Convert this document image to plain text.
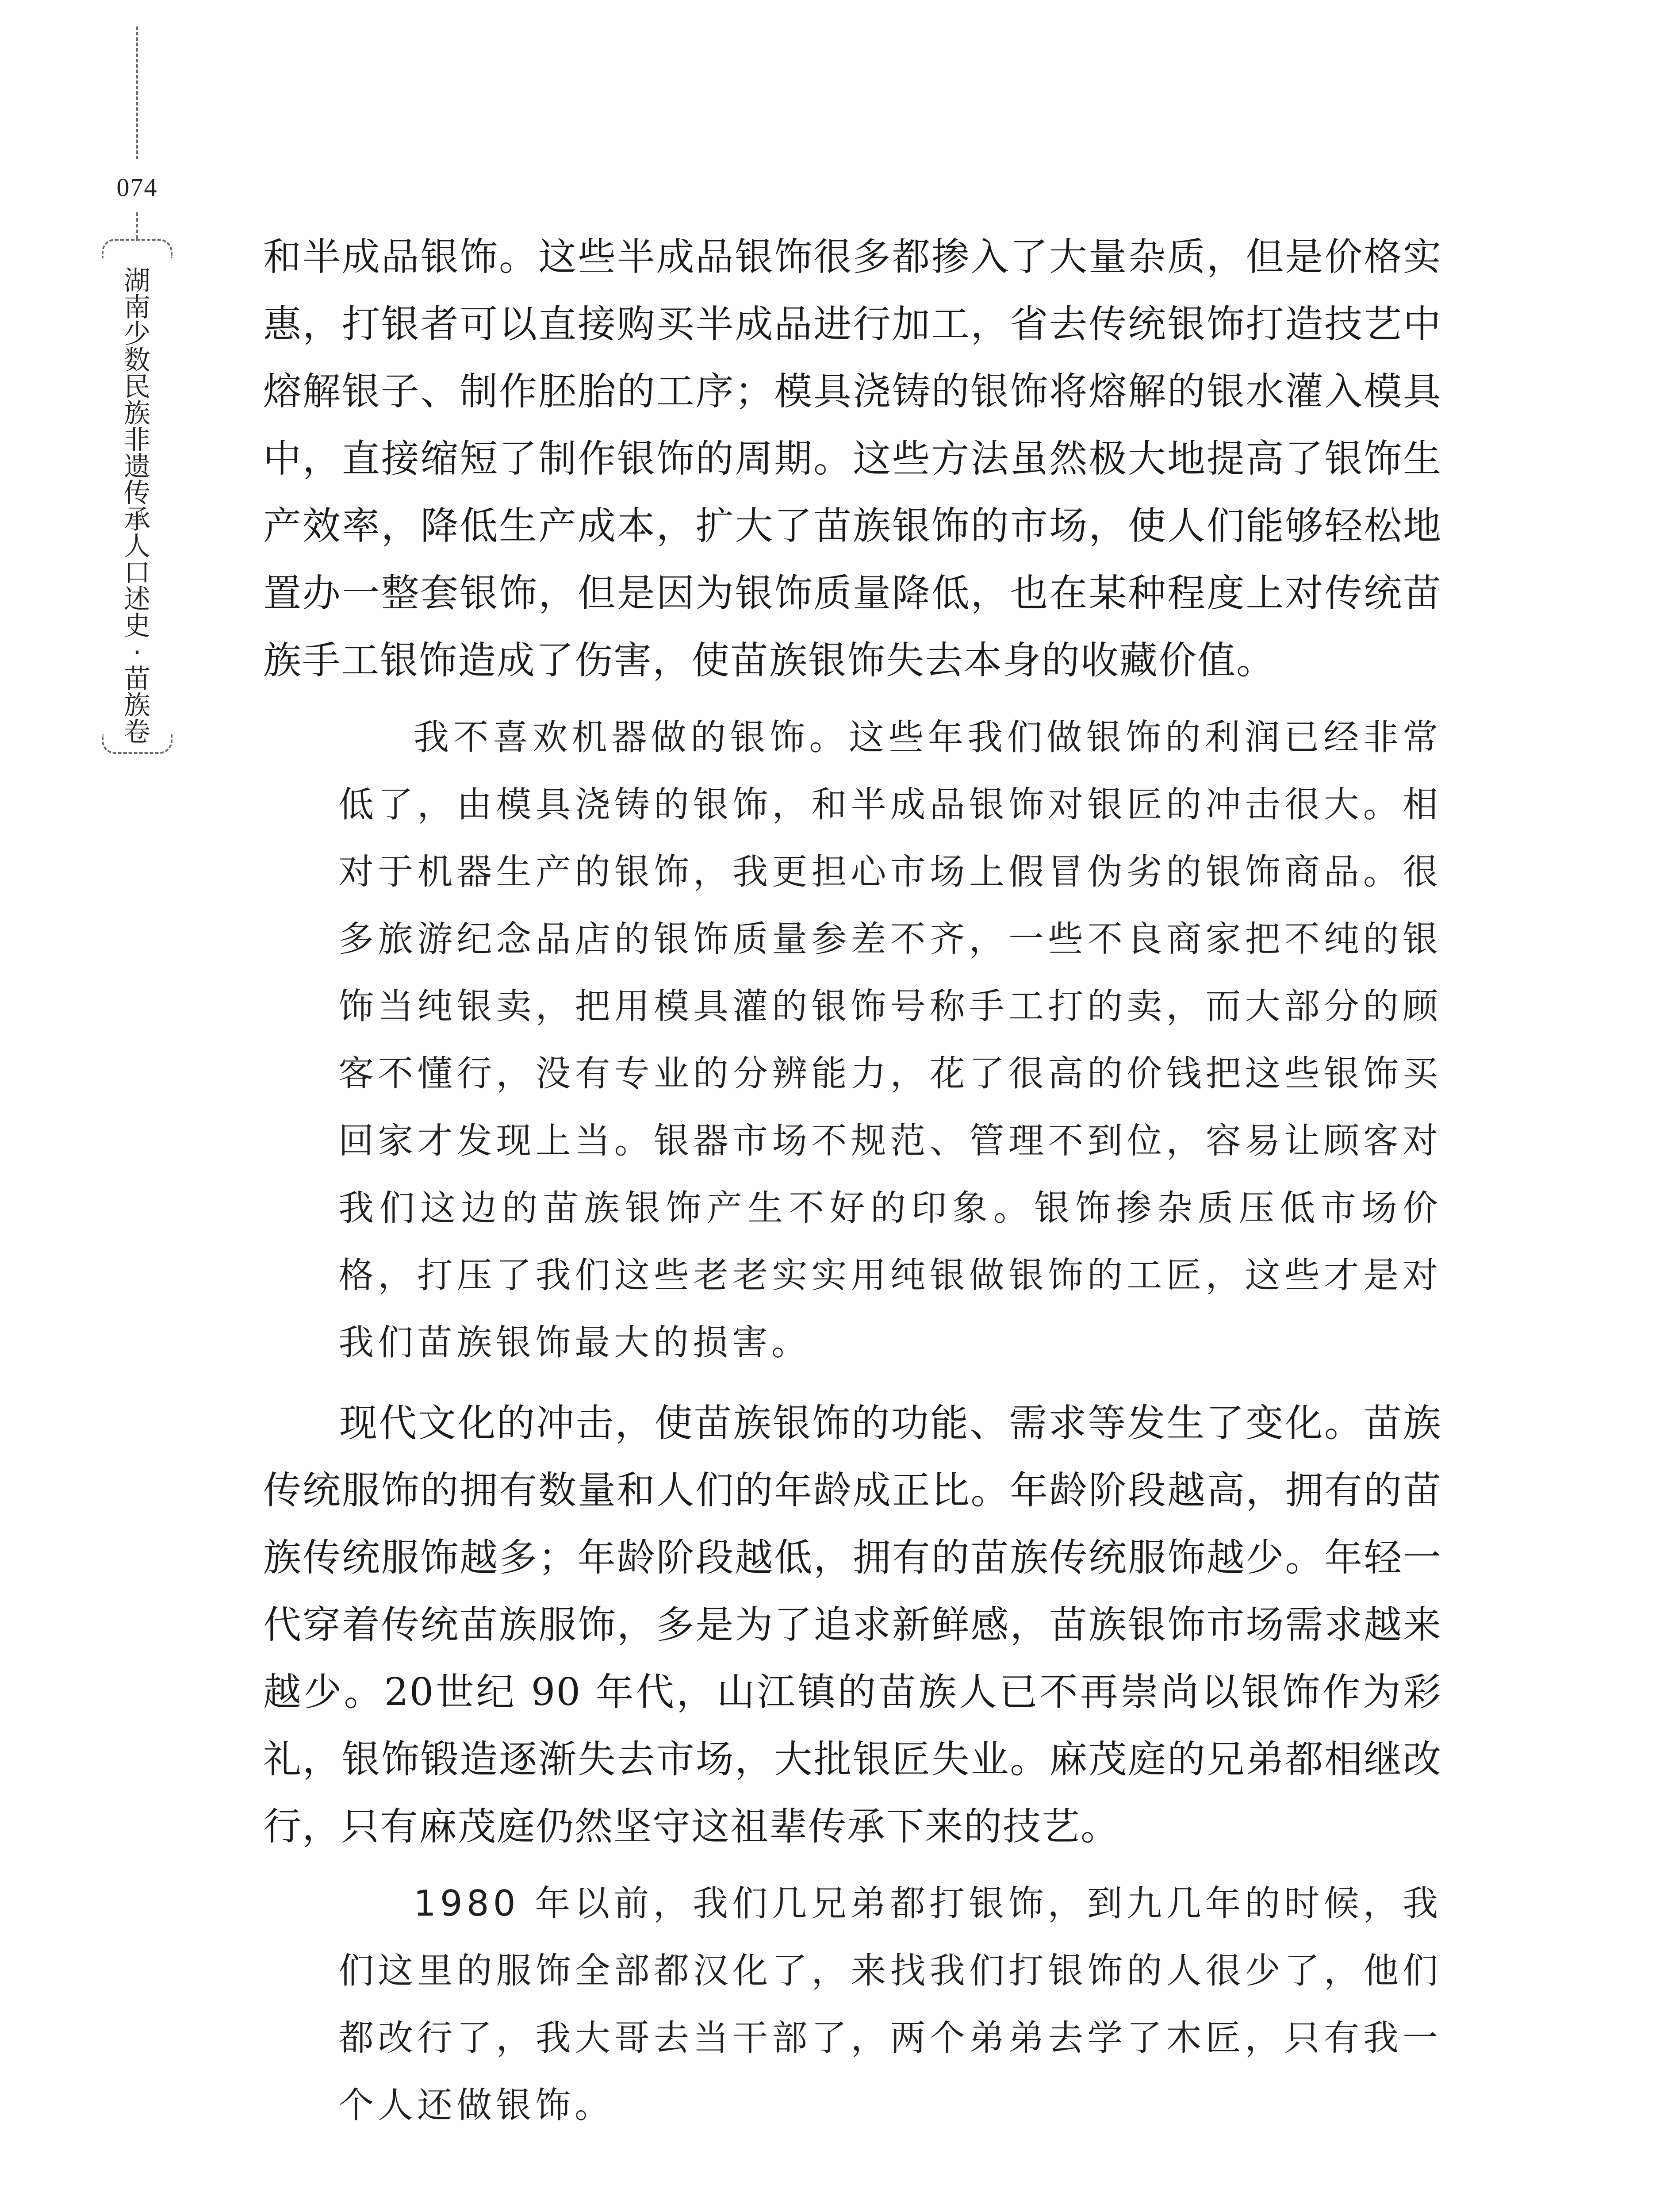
074
湖南少数民族非遗传承人口述史·苗族卷

和半成品银饰。这些半成品银饰很多都掺入了大量杂质，但是价格实惠，打银者可以直接购买半成品进行加工，省去传统银饰打造技艺中熔解银子、制作胚胎的工序；模具浇铸的银饰将熔解的银水灌入模具中，直接缩短了制作银饰的周期。这些方法虽然极大地提高了银饰生产效率，降低生产成本，扩大了苗族银饰的市场，使人们能够轻松地置办一整套银饰，但是因为银饰质量降低，也在某种程度上对传统苗族手工银饰造成了伤害，使苗族银饰失去本身的收藏价值。

我不喜欢机器做的银饰。这些年我们做银饰的利润已经非常低了，由模具浇铸的银饰，和半成品银饰对银匠的冲击很大。相对于机器生产的银饰，我更担心市场上假冒伪劣的银饰商品。很多旅游纪念品店的银饰质量参差不齐，一些不良商家把不纯的银饰当纯银卖，把用模具灌的银饰号称手工打的卖，而大部分的顾客不懂行，没有专业的分辨能力，花了很高的价钱把这些银饰买回家才发现上当。银器市场不规范、管理不到位，容易让顾客对我们这边的苗族银饰产生不好的印象。银饰掺杂质压低市场价格，打压了我们这些老老实实用纯银做银饰的工匠，这些才是对我们苗族银饰最大的损害。

现代文化的冲击，使苗族银饰的功能、需求等发生了变化。苗族传统服饰的拥有数量和人们的年龄成正比。年龄阶段越高，拥有的苗族传统服饰越多；年龄阶段越低，拥有的苗族传统服饰越少。年轻一代穿着传统苗族服饰，多是为了追求新鲜感，苗族银饰市场需求越来越少。20世纪 90 年代，山江镇的苗族人已不再崇尚以银饰作为彩礼，银饰锻造逐渐失去市场，大批银匠失业。麻茂庭的兄弟都相继改行，只有麻茂庭仍然坚守这祖辈传承下来的技艺。

1980 年以前，我们几兄弟都打银饰，到九几年的时候，我们这里的服饰全部都汉化了，来找我们打银饰的人很少了，他们都改行了，我大哥去当干部了，两个弟弟去学了木匠，只有我一个人还做银饰。
